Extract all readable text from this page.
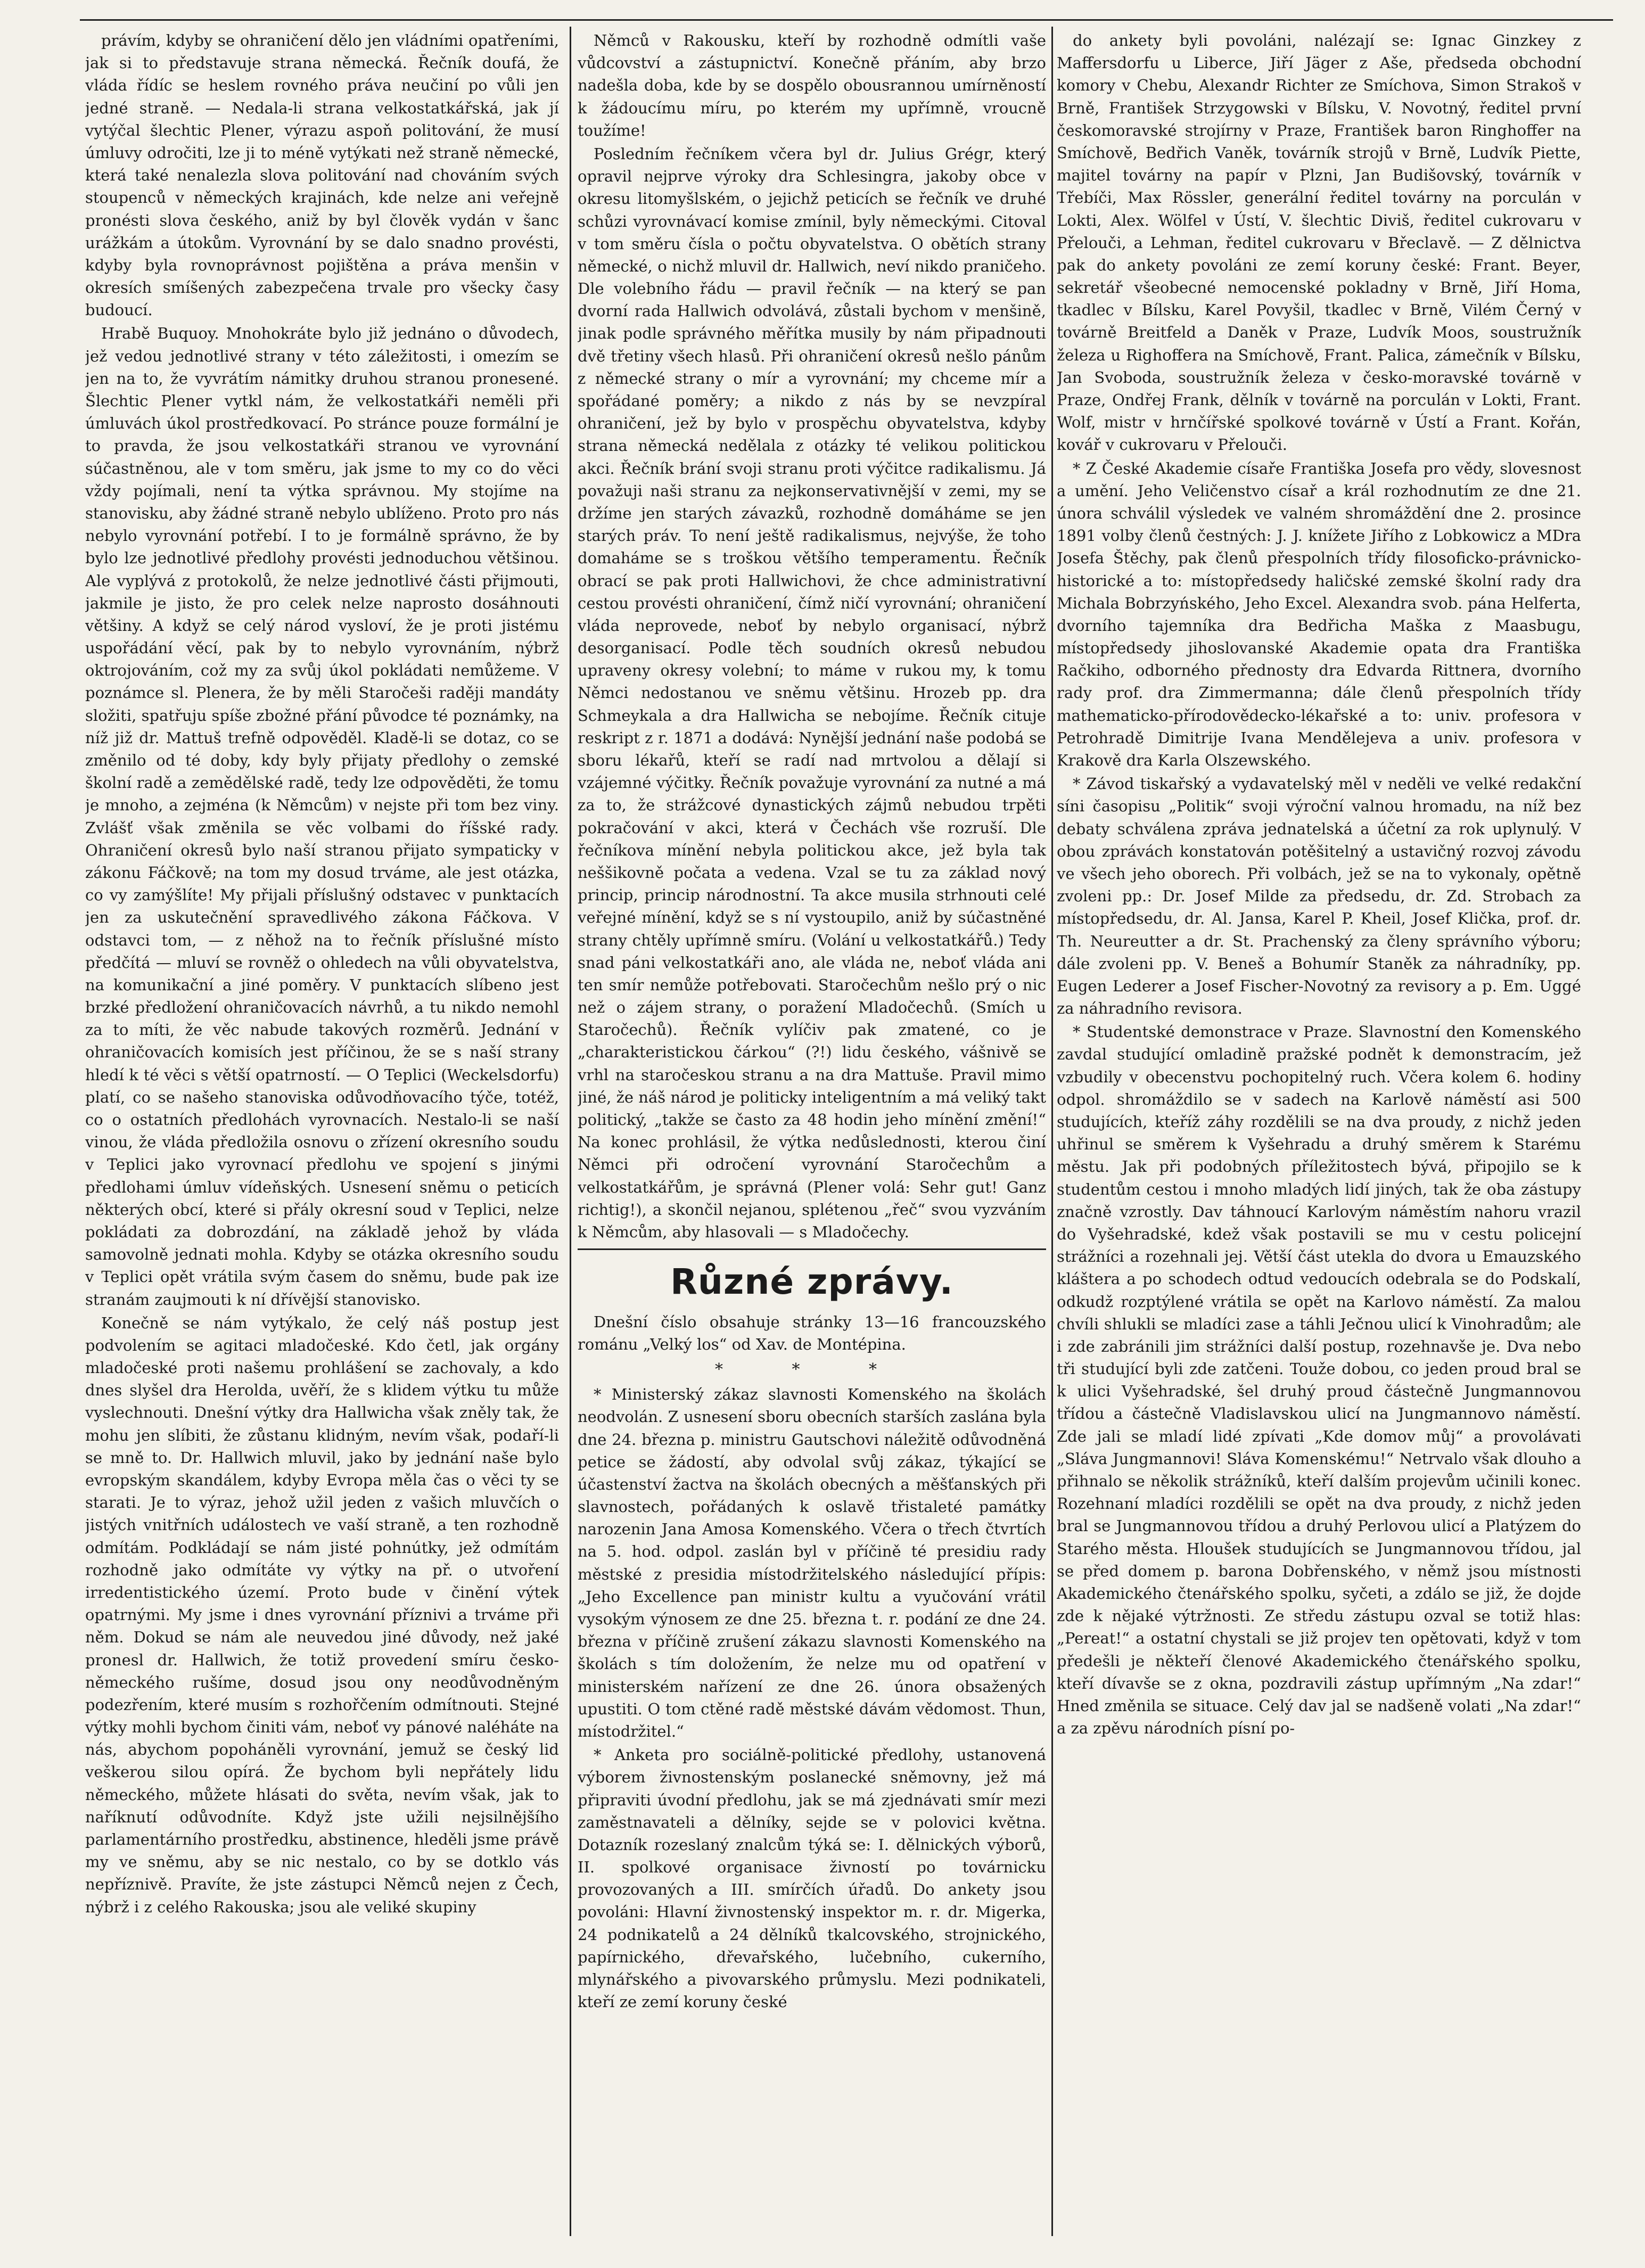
právím, kdyby se ohraničení dělo jen vládními opatřeními, jak si to představuje strana německá. Řečník doufá, že vláda řídíc se heslem rovného práva neučiní po vůli jen jedné straně. — Nedala-li strana velkostatkářská, jak jí vytýčal šlechtic Plener, výrazu aspoň politování, že musí úmluvy odročiti, lze ji to méně vytýkati než straně německé, která také nenalezla slova politování nad chováním svých stoupenců v německých krajinách, kde nelze ani veřejně pronésti slova českého, aniž by byl člověk vydán v šanc urážkám a útokům. Vyrovnání by se dalo snadno provésti, kdyby byla rovnoprávnost pojištěna a práva menšin v okresích smíšených zabezpečena trvale pro všecky časy budoucí.

Hrabě Buquoy. Mnohokráte bylo již jednáno o důvodech, jež vedou jednotlivé strany v této záležitosti, i omezím se jen na to, že vyvrátím námitky druhou stranou pronesené. Šlechtic Plener vytkl nám, že velkostatkáři neměli při úmluvách úkol prostředkovací. Po stránce pouze formální je to pravda, že jsou velkostatkáři stranou ve vyrovnání súčastněnou, ale v tom směru, jak jsme to my co do věci vždy pojímali, není ta výtka správnou. My stojíme na stanovisku, aby žádné straně nebylo ublíženo. Proto pro nás nebylo vyrovnání potřebí. I to je formálně správno, že by bylo lze jednotlivé předlohy provésti jednoduchou většinou. Ale vyplývá z protokolů, že nelze jednotlivé části přijmouti, jakmile je jisto, že pro celek nelze naprosto dosáhnouti většiny. A když se celý národ vysloví, že je proti jistému uspořádání věcí, pak by to nebylo vyrovnáním, nýbrž oktrojováním, což my za svůj úkol pokládati nemůžeme. V poznámce sl. Plenera, že by měli Staročeši raději mandáty složiti, spatřuju spíše zbožné přání původce té poznámky, na níž již dr. Mattuš trefně odpověděl. Kladě-li se dotaz, co se změnilo od té doby, kdy byly přijaty předlohy o zemské školní radě a zemědělské radě, tedy lze odpověděti, že tomu je mnoho, a zejména (k Němcům) v nejste při tom bez viny. Zvlášť však změnila se věc volbami do říšské rady. Ohraničení okresů bylo naší stranou přijato sympaticky v zákonu Fáčkově; na tom my dosud trváme, ale jest otázka, co vy zamýšlíte! My přijali příslušný odstavec v punktacích jen za uskutečnění spravedlivého zákona Fáčkova. V odstavci tom, — z něhož na to řečník příslušné místo předčítá — mluví se rovněž o ohledech na vůli obyvatelstva, na komunikační a jiné poměry. V punktacích slíbeno jest brzké předložení ohraničovacích návrhů, a tu nikdo nemohl za to míti, že věc nabude takových rozměrů. Jednání v ohraničovacích komisích jest příčinou, že se s naší strany hledí k té věci s větší opatrností. — O Teplici (Weckelsdorfu) platí, co se našeho stanoviska odůvodňovacího týče, totéž, co o ostatních předlohách vyrovnacích. Nestalo-li se naší vinou, že vláda předložila osnovu o zřízení okresního soudu v Teplici jako vyrovnací předlohu ve spojení s jinými předlohami úmluv vídeňských. Usnesení sněmu o peticích některých obcí, které si přály okresní soud v Teplici, nelze pokládati za dobrozdání, na základě jehož by vláda samovolně jednati mohla. Kdyby se otázka okresního soudu v Teplici opět vrátila svým časem do sněmu, bude pak ize stranám zaujmouti k ní dřívější stanovisko.

Konečně se nám vytýkalo, že celý náš postup jest podvolením se agitaci mladočeské. Kdo četl, jak orgány mladočeské proti našemu prohlášení se zachovaly, a kdo dnes slyšel dra Herolda, uvěří, že s klidem výtku tu může vyslechnouti. Dnešní výtky dra Hallwicha však zněly tak, že mohu jen slíbiti, že zůstanu klidným, nevím však, podaří-li se mně to. Dr. Hallwich mluvil, jako by jednání naše bylo evropským skandálem, kdyby Evropa měla čas o věci ty se starati. Je to výraz, jehož užil jeden z vašich mluvčích o jistých vnitřních událostech ve vaší straně, a ten rozhodně odmítám. Podkládají se nám jisté pohnútky, jež odmítám rozhodně jako odmítáte vy výtky na př. o utvoření irredentistického území. Proto bude v činění výtek opatrnými. My jsme i dnes vyrovnání příznivi a trváme při něm. Dokud se nám ale neuvedou jiné důvody, než jaké pronesl dr. Hallwich, že totiž provedení smíru česko-německého rušíme, dosud jsou ony neodůvodněným podezřením, které musím s rozhořčením odmítnouti. Stejné výtky mohli bychom činiti vám, neboť vy pánové naléháte na nás, abychom popoháněli vyrovnání, jemuž se český lid veškerou silou opírá. Že bychom byli nepřátely lidu německého, můžete hlásati do světa, nevím však, jak to naříknutí odůvodníte. Když jste užili nejsilnějšího parlamentárního prostředku, abstinence, hleděli jsme právě my ve sněmu, aby se nic nestalo, co by se dotklo vás nepříznivě. Pravíte, že jste zástupci Němců nejen z Čech, nýbrž i z celého Rakouska; jsou ale veliké skupiny

Němců v Rakousku, kteří by rozhodně odmítli vaše vůdcovství a zástupnictví. Konečně přáním, aby brzo nadešla doba, kde by se dospělo obousrannou umírněností k žádoucímu míru, po kterém my upřímně, vroucně toužíme!

Posledním řečníkem včera byl dr. Julius Grégr, který opravil nejprve výroky dra Schlesingra, jakoby obce v okresu litomyšlském, o jejichž peticích se řečník ve druhé schůzi vyrovnávací komise zmínil, byly německými. Citoval v tom směru čísla o počtu obyvatelstva. O obětích strany německé, o nichž mluvil dr. Hallwich, neví nikdo praničeho. Dle volebního řádu — pravil řečník — na který se pan dvorní rada Hallwich odvolává, zůstali bychom v menšině, jinak podle správného měřítka musily by nám připadnouti dvě třetiny všech hlasů. Při ohraničení okresů nešlo pánům z německé strany o mír a vyrovnání; my chceme mír a spořádané poměry; a nikdo z nás by se nevzpíral ohraničení, jež by bylo v prospěchu obyvatelstva, kdyby strana německá nedělala z otázky té velikou politickou akci. Řečník brání svoji stranu proti výčitce radikalismu. Já považuji naši stranu za nejkonservativnější v zemi, my se držíme jen starých závazků, rozhodně domáháme se jen starých práv. To není ještě radikalismus, nejvýše, že toho domaháme se s troškou většího temperamentu. Řečník obrací se pak proti Hallwichovi, že chce administrativní cestou provésti ohraničení, čímž ničí vyrovnání; ohraničení vláda neprovede, neboť by nebylo organisací, nýbrž desorganisací. Podle těch soudních okresů nebudou upraveny okresy volební; to máme v rukou my, k tomu Němci nedostanou ve sněmu většinu. Hrozeb pp. dra Schmeykala a dra Hallwicha se nebojíme. Řečník cituje reskript z r. 1871 a dodává: Nynější jednání naše podobá se sboru lékařů, kteří se radí nad mrtvolou a dělají si vzájemné výčitky. Řečník považuje vyrovnání za nutné a má za to, že strážcové dynastických zájmů nebudou trpěti pokračování v akci, která v Čechách vše rozruší. Dle řečníkova mínění nebyla politickou akce, jež byla tak neššikovně počata a vedena. Vzal se tu za základ nový princip, princip národnostní. Ta akce musila strhnouti celé veřejné mínění, když se s ní vystoupilo, aniž by súčastněné strany chtěly upřímně smíru. (Volání u velkostatkářů.) Tedy snad páni velkostatkáři ano, ale vláda ne, neboť vláda ani ten smír nemůže potřebovati. Staročechům nešlo prý o nic než o zájem strany, o poražení Mladočechů. (Smích u Staročechů). Řečník vylíčiv pak zmatené, co je „charakteristickou čárkou“ (?!) lidu českého, vášnivě se vrhl na staročeskou stranu a na dra Mattuše. Pravil mimo jiné, že náš národ je politicky inteligentním a má veliký takt politický, „takže se často za 48 hodin jeho mínění změní!“ Na konec prohlásil, že výtka nedůslednosti, kterou činí Němci při odročení vyrovnání Staročechům a velkostatkářům, je správná (Plener volá: Sehr gut! Ganz richtig!), a skončil nejanou, splétenou „řeč“ svou vyzváním k Němcům, aby hlasovali — s Mladočechy.

Různé zprávy.

Dnešní číslo obsahuje stránky 13—16 francouzského románu „Velký los“ od Xav. de Montépina.

* * *

* Ministerský zákaz slavnosti Komenského na školách neodvolán. Z usnesení sboru obecních starších zaslána byla dne 24. března p. ministru Gautschovi náležitě odůvodněná petice se žádostí, aby odvolal svůj zákaz, týkající se účastenství žactva na školách obecných a měšťanských při slavnostech, pořádaných k oslavě třistaleté památky narozenin Jana Amosa Komenského. Včera o třech čtvrtích na 5. hod. odpol. zaslán byl v příčině té presidiu rady městské z presidia místodržitelského následující přípis: „Jeho Excellence pan ministr kultu a vyučování vrátil vysokým výnosem ze dne 25. března t. r. podání ze dne 24. března v příčině zrušení zákazu slavnosti Komenského na školách s tím doložením, že nelze mu od opatření v ministerském nařízení ze dne 26. února obsažených upustiti. O tom ctěné radě městské dávám vědomost. Thun, místodržitel.“

* Anketa pro sociálně-politické předlohy, ustanovená výborem živnostenským poslanecké sněmovny, jež má připraviti úvodní předlohu, jak se má zjednávati smír mezi zaměstnavateli a dělníky, sejde se v polovici května. Dotazník rozeslaný znalcům týká se: I. dělnických výborů, II. spolkové organisace živností po továrnicku provozovaných a III. smírčích úřadů. Do ankety jsou povoláni: Hlavní živnostenský inspektor m. r. dr. Migerka, 24 podnikatelů a 24 dělníků tkalcovského, strojnického, papírnického, dřevařského, lučebního, cukerního, mlynářského a pivovarského průmyslu. Mezi podnikateli, kteří ze zemí koruny české

do ankety byli povoláni, nalézají se: Ignac Ginzkey z Maffersdorfu u Liberce, Jiří Jäger z Aše, předseda obchodní komory v Chebu, Alexandr Richter ze Smíchova, Simon Strakoš v Brně, František Strzygowski v Bílsku, V. Novotný, ředitel první českomoravské strojírny v Praze, František baron Ringhoffer na Smíchově, Bedřich Vaněk, továrník strojů v Brně, Ludvík Piette, majitel továrny na papír v Plzni, Jan Budišovský, továrník v Třebíči, Max Rössler, generální ředitel továrny na porculán v Lokti, Alex. Wölfel v Ústí, V. šlechtic Diviš, ředitel cukrovaru v Přelouči, a Lehman, ředitel cukrovaru v Břeclavě. — Z dělnictva pak do ankety povoláni ze zemí koruny české: Frant. Beyer, sekretář všeobecné nemocenské pokladny v Brně, Jiří Homa, tkadlec v Bílsku, Karel Povyšil, tkadlec v Brně, Vilém Černý v továrně Breitfeld a Daněk v Praze, Ludvík Moos, soustružník železa u Righoffera na Smíchově, Frant. Palica, zámečník v Bílsku, Jan Svoboda, soustružník železa v česko-moravské továrně v Praze, Ondřej Frank, dělník v továrně na porculán v Lokti, Frant. Wolf, mistr v hrnčířské spolkové továrně v Ústí a Frant. Kořán, kovář v cukrovaru v Přelouči.

* Z České Akademie císaře Františka Josefa pro vědy, slovesnost a umění. Jeho Veličenstvo císař a král rozhodnutím ze dne 21. února schválil výsledek ve valném shromáždění dne 2. prosince 1891 volby členů čestných: J. J. knížete Jiřího z Lobkowicz a MDra Josefa Štěchy, pak členů přespolních třídy filosoficko-právnicko-historické a to: místopředsedy haličské zemské školní rady dra Michala Bobrzyńského, Jeho Excel. Alexandra svob. pána Helferta, dvorního tajemníka dra Bedřicha Maška z Maasbugu, místopředsedy jihoslovanské Akademie opata dra Františka Račkiho, odborného přednosty dra Edvarda Rittnera, dvorního rady prof. dra Zimmermanna; dále členů přespolních třídy mathematicko-přírodovědecko-lékařské a to: univ. profesora v Petrohradě Dimitrije Ivana Mendělejeva a univ. profesora v Krakově dra Karla Olszewského.

* Závod tiskařský a vydavatelský měl v neděli ve velké redakční síni časopisu „Politik“ svoji výroční valnou hromadu, na níž bez debaty schválena zpráva jednatelská a účetní za rok uplynulý. V obou zprávách konstatován potěšitelný a ustavičný rozvoj závodu ve všech jeho oborech. Při volbách, jež se na to vykonaly, opětně zvoleni pp.: Dr. Josef Milde za předsedu, dr. Zd. Strobach za místopředsedu, dr. Al. Jansa, Karel P. Kheil, Josef Klička, prof. dr. Th. Neureutter a dr. St. Prachenský za členy správního výboru; dále zvoleni pp. V. Beneš a Bohumír Staněk za náhradníky, pp. Eugen Lederer a Josef Fischer-Novotný za revisory a p. Em. Uggé za náhradního revisora.

* Studentské demonstrace v Praze. Slavnostní den Komenského zavdal studující omladině pražské podnět k demonstracím, jež vzbudily v obecenstvu pochopitelný ruch. Včera kolem 6. hodiny odpol. shromáždilo se v sadech na Karlově náměstí asi 500 studujících, kteříž záhy rozdělili se na dva proudy, z nichž jeden uhřinul se směrem k Vyšehradu a druhý směrem k Starému městu. Jak při podobných příležitostech bývá, připojilo se k studentům cestou i mnoho mladých lidí jiných, tak že oba zástupy značně vzrostly. Dav táhnoucí Karlovým náměstím nahoru vrazil do Vyšehradské, kdež však postavili se mu v cestu policejní strážníci a rozehnali jej. Větší část utekla do dvora u Emauzského kláštera a po schodech odtud vedoucích odebrala se do Podskalí, odkudž rozptýlené vrátila se opět na Karlovo náměstí. Za malou chvíli shlukli se mladíci zase a táhli Ječnou ulicí k Vinohradům; ale i zde zabránili jim strážníci další postup, rozehnavše je. Dva nebo tři studující byli zde zatčeni. Touže dobou, co jeden proud bral se k ulici Vyšehradské, šel druhý proud částečně Jungmannovou třídou a částečně Vladislavskou ulicí na Jungmannovo náměstí. Zde jali se mladí lidé zpívati „Kde domov můj“ a provolávati „Sláva Jungmannovi! Sláva Komenskému!“ Netrvalo však dlouho a přihnalo se několik strážníků, kteří dalším projevům učinili konec. Rozehnaní mladíci rozdělili se opět na dva proudy, z nichž jeden bral se Jungmannovou třídou a druhý Perlovou ulicí a Platýzem do Starého města. Hloušek studujících se Jungmannovou třídou, jal se před domem p. barona Dobřenského, v němž jsou místnosti Akademického čtenářského spolku, syčeti, a zdálo se již, že dojde zde k nějaké výtržnosti. Ze středu zástupu ozval se totiž hlas: „Pereat!“ a ostatní chystali se již projev ten opětovati, když v tom předešli je někteří členové Akademického čtenářského spolku, kteří dívavše se z okna, pozdravili zástup upřímným „Na zdar!“ Hned změnila se situace. Celý dav jal se nadšeně volati „Na zdar!“ a za zpěvu národních písní po-
